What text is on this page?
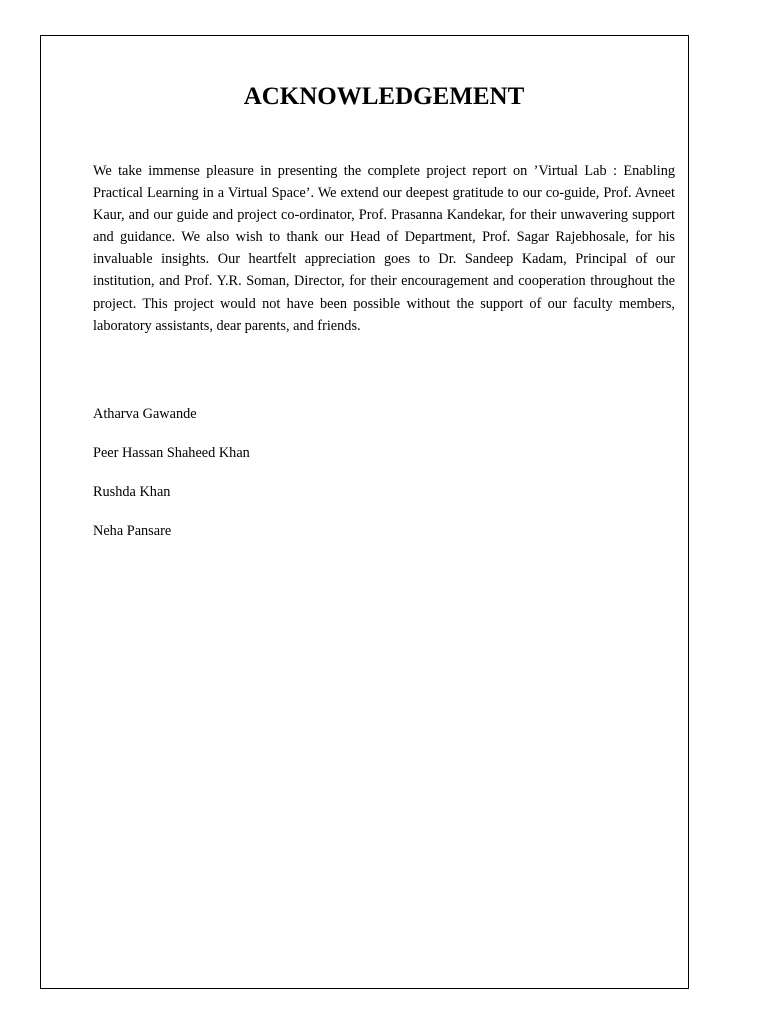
ACKNOWLEDGEMENT

We take immense pleasure in presenting the complete project report on ’Virtual Lab : Enabling Practical Learning in a Virtual Space’. We extend our deepest gratitude to our co-guide, Prof. Avneet Kaur, and our guide and project co-ordinator, Prof. Prasanna Kandekar, for their unwavering support and guidance. We also wish to thank our Head of Department, Prof. Sagar Rajebhosale, for his invaluable insights. Our heartfelt appreciation goes to Dr. Sandeep Kadam, Principal of our institution, and Prof. Y.R. Soman, Director, for their encouragement and cooperation throughout the project. This project would not have been possible without the support of our faculty members, laboratory assistants, dear parents, and friends.

Atharva Gawande
Peer Hassan Shaheed Khan
Rushda Khan
Neha Pansare
